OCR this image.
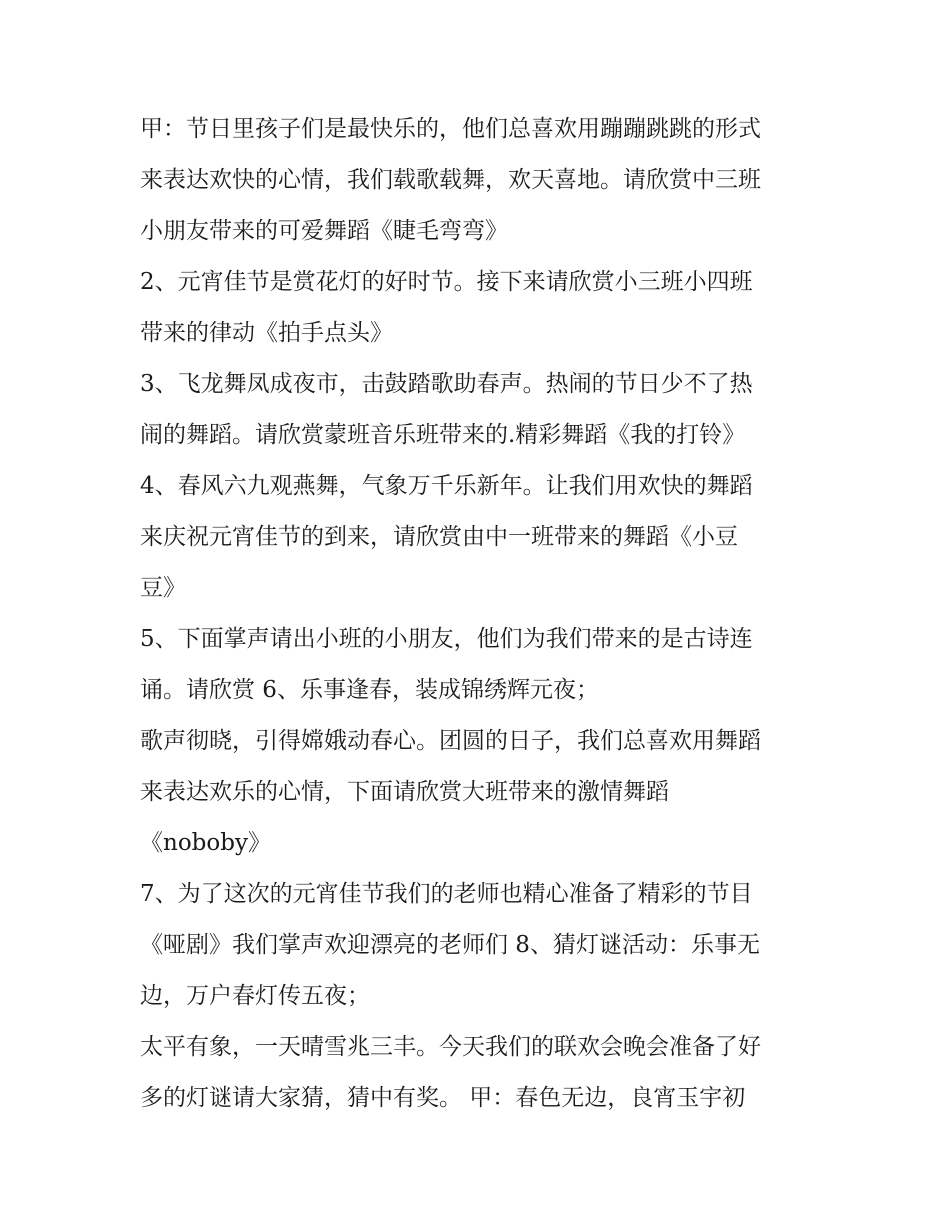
甲：节日里孩子们是最快乐的，他们总喜欢用蹦蹦跳跳的形式
来表达欢快的心情，我们载歌载舞，欢天喜地。请欣赏中三班
小朋友带来的可爱舞蹈《睫毛弯弯》
2、元宵佳节是赏花灯的好时节。接下来请欣赏小三班小四班
带来的律动《拍手点头》
3、飞龙舞凤成夜市，击鼓踏歌助春声。热闹的节日少不了热
闹的舞蹈。请欣赏蒙班音乐班带来的.精彩舞蹈《我的打铃》
4、春风六九观燕舞，气象万千乐新年。让我们用欢快的舞蹈
来庆祝元宵佳节的到来，请欣赏由中一班带来的舞蹈《小豆
豆》
5、下面掌声请出小班的小朋友，他们为我们带来的是古诗连
诵。请欣赏 6、乐事逢春，装成锦绣辉元夜；
歌声彻晓，引得嫦娥动春心。团圆的日子，我们总喜欢用舞蹈
来表达欢乐的心情，下面请欣赏大班带来的激情舞蹈
《noboby》
7、为了这次的元宵佳节我们的老师也精心准备了精彩的节目
《哑剧》我们掌声欢迎漂亮的老师们 8、猜灯谜活动：乐事无
边，万户春灯传五夜；
太平有象，一天晴雪兆三丰。今天我们的联欢会晚会准备了好
多的灯谜请大家猜，猜中有奖。 甲：春色无边，良宵玉宇初
